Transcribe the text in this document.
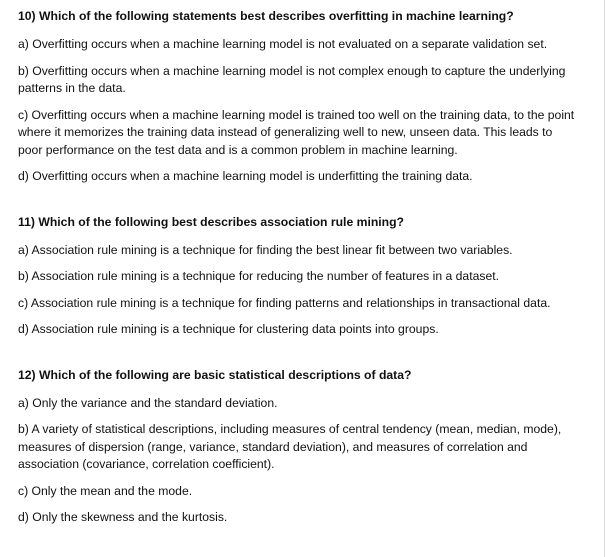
10) Which of the following statements best describes overfitting in machine learning?

a) Overfitting occurs when a machine learning model is not evaluated on a separate validation set.

b) Overfitting occurs when a machine learning model is not complex enough to capture the underlying patterns in the data.

c) Overfitting occurs when a machine learning model is trained too well on the training data, to the point where it memorizes the training data instead of generalizing well to new, unseen data. This leads to poor performance on the test data and is a common problem in machine learning.

d) Overfitting occurs when a machine learning model is underfitting the training data.

11) Which of the following best describes association rule mining?

a) Association rule mining is a technique for finding the best linear fit between two variables.

b) Association rule mining is a technique for reducing the number of features in a dataset.

c) Association rule mining is a technique for finding patterns and relationships in transactional data.

d) Association rule mining is a technique for clustering data points into groups.

12) Which of the following are basic statistical descriptions of data?

a) Only the variance and the standard deviation.

b) A variety of statistical descriptions, including measures of central tendency (mean, median, mode), measures of dispersion (range, variance, standard deviation), and measures of correlation and association (covariance, correlation coefficient).

c) Only the mean and the mode.

d) Only the skewness and the kurtosis.
